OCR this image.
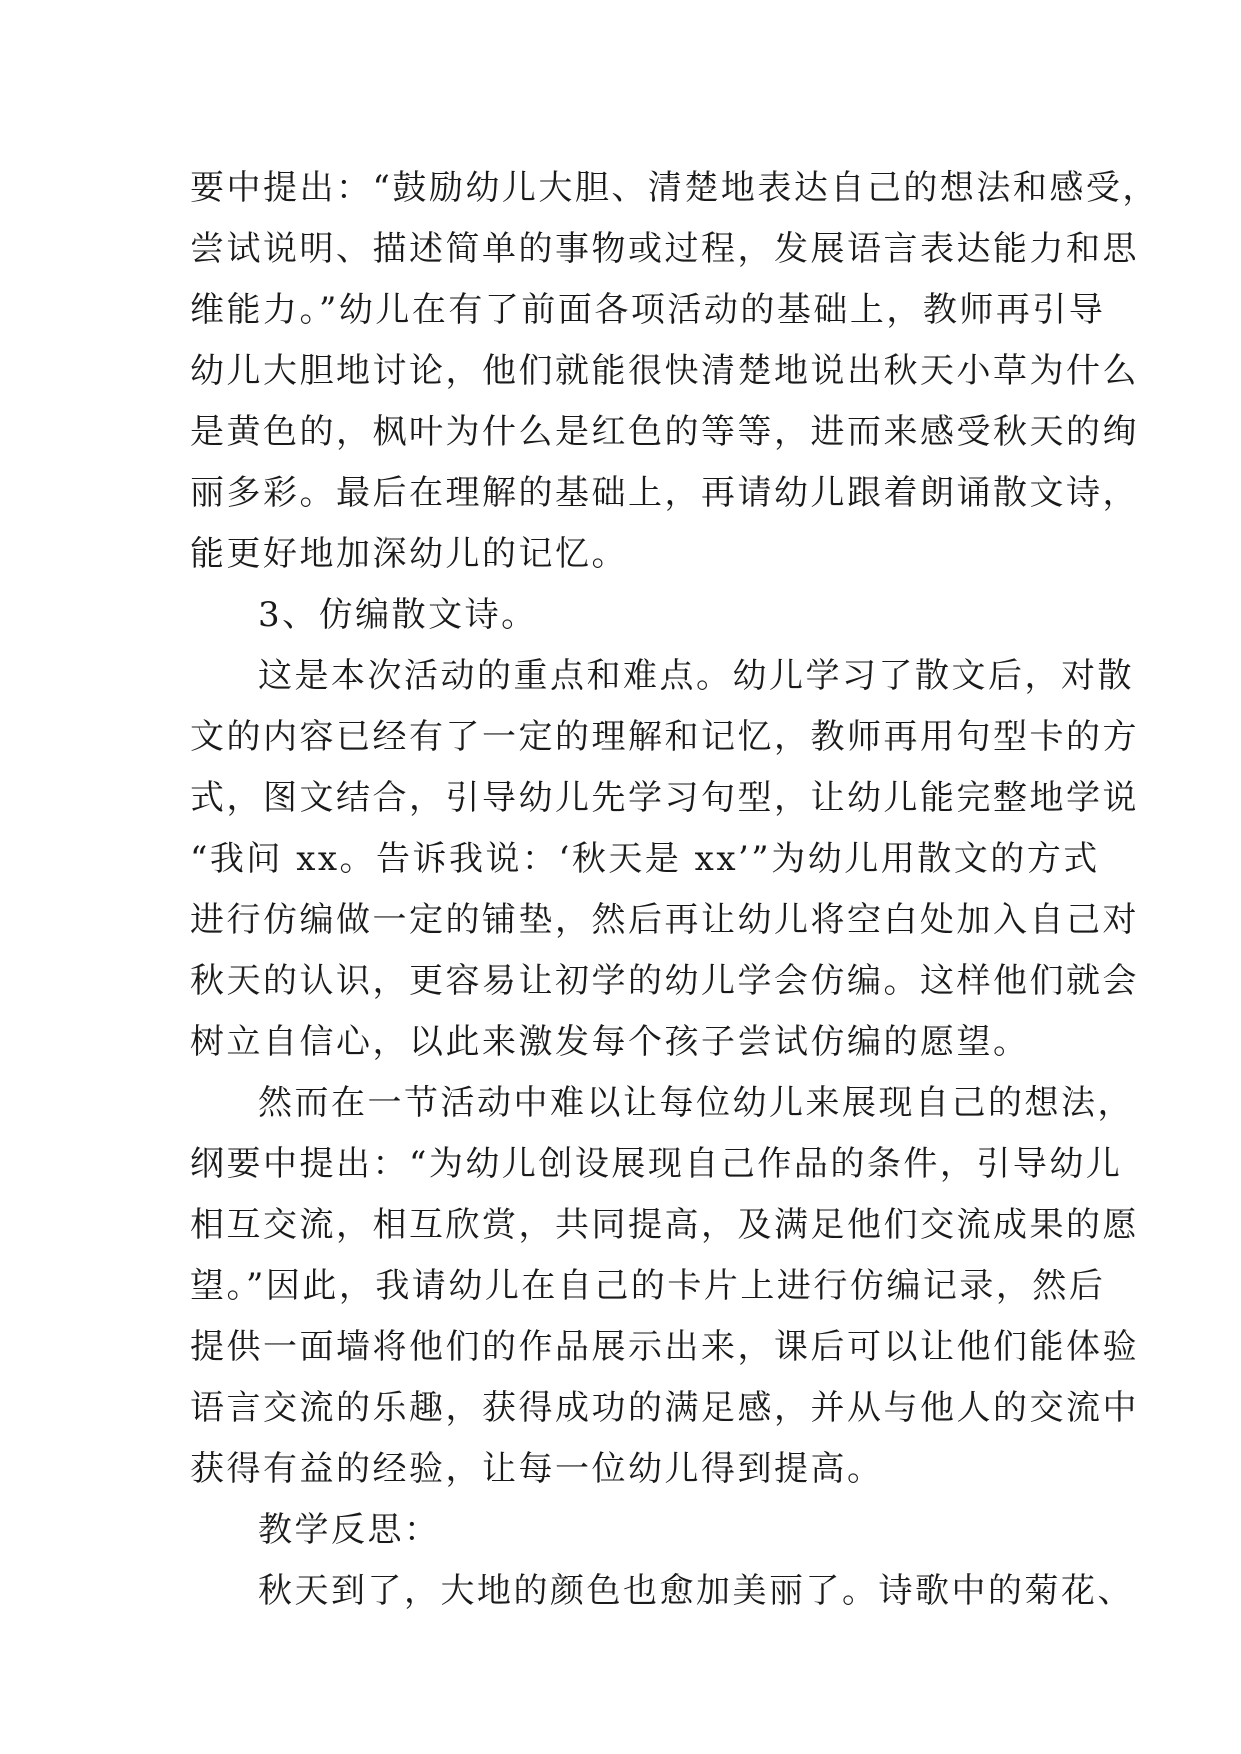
要中提出：“鼓励幼儿大胆、清楚地表达自己的想法和感受，
尝试说明、描述简单的事物或过程，发展语言表达能力和思
维能力。”幼儿在有了前面各项活动的基础上，教师再引导
幼儿大胆地讨论，他们就能很快清楚地说出秋天小草为什么
是黄色的，枫叶为什么是红色的等等，进而来感受秋天的绚
丽多彩。最后在理解的基础上，再请幼儿跟着朗诵散文诗，
能更好地加深幼儿的记忆。
3、仿编散文诗。
这是本次活动的重点和难点。幼儿学习了散文后，对散
文的内容已经有了一定的理解和记忆，教师再用句型卡的方
式，图文结合，引导幼儿先学习句型，让幼儿能完整地学说
“我问 xx。告诉我说：‘秋天是 xx’”为幼儿用散文的方式
进行仿编做一定的铺垫，然后再让幼儿将空白处加入自己对
秋天的认识，更容易让初学的幼儿学会仿编。这样他们就会
树立自信心，以此来激发每个孩子尝试仿编的愿望。
然而在一节活动中难以让每位幼儿来展现自己的想法，
纲要中提出：“为幼儿创设展现自己作品的条件，引导幼儿
相互交流，相互欣赏，共同提高，及满足他们交流成果的愿
望。”因此，我请幼儿在自己的卡片上进行仿编记录，然后
提供一面墙将他们的作品展示出来，课后可以让他们能体验
语言交流的乐趣，获得成功的满足感，并从与他人的交流中
获得有益的经验，让每一位幼儿得到提高。
教学反思：
秋天到了，大地的颜色也愈加美丽了。诗歌中的菊花、
